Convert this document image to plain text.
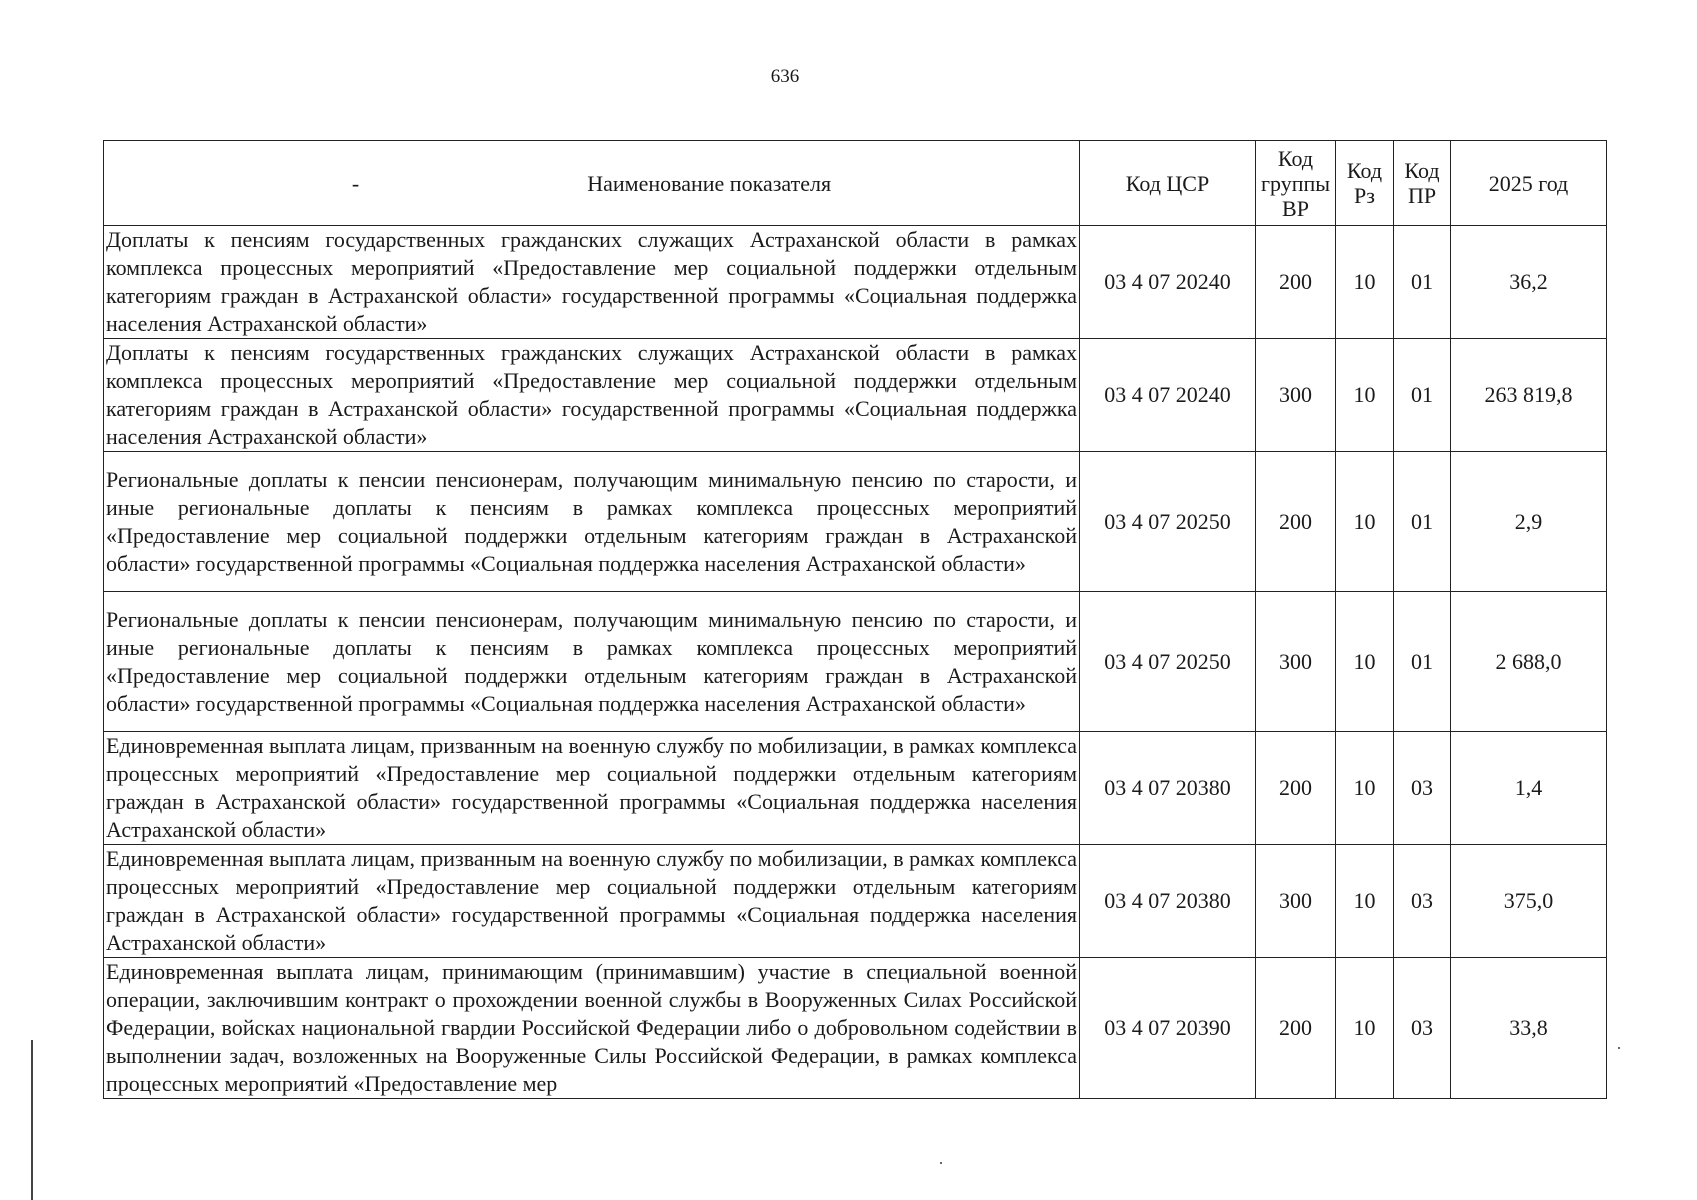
636
- Наименование показателя	Код ЦСР	Код группы ВР	Код Рз	Код ПР	2025 год
Доплаты к пенсиям государственных гражданских служащих Астраханской области в рамках комплекса процессных мероприятий «Предоставление мер социальной поддержки отдельным категориям граждан в Астраханской области» государственной программы «Социальная поддержка населения Астраханской области»	03 4 07 20240	200	10	01	36,2
Доплаты к пенсиям государственных гражданских служащих Астраханской области в рамках комплекса процессных мероприятий «Предоставление мер социальной поддержки отдельным категориям граждан в Астраханской области» государственной программы «Социальная поддержка населения Астраханской области»	03 4 07 20240	300	10	01	263 819,8
Региональные доплаты к пенсии пенсионерам, получающим минимальную пенсию по старости, и иные региональные доплаты к пенсиям в рамках комплекса процессных мероприятий «Предоставление мер социальной поддержки отдельным категориям граждан в Астраханской области» государственной программы «Социальная поддержка населения Астраханской области»	03 4 07 20250	200	10	01	2,9
Региональные доплаты к пенсии пенсионерам, получающим минимальную пенсию по старости, и иные региональные доплаты к пенсиям в рамках комплекса процессных мероприятий «Предоставление мер социальной поддержки отдельным категориям граждан в Астраханской области» государственной программы «Социальная поддержка населения Астраханской области»	03 4 07 20250	300	10	01	2 688,0
Единовременная выплата лицам, призванным на военную службу по мобилизации, в рамках комплекса процессных мероприятий «Предоставление мер социальной поддержки отдельным категориям граждан в Астраханской области» государственной программы «Социальная поддержка населения Астраханской области»	03 4 07 20380	200	10	03	1,4
Единовременная выплата лицам, призванным на военную службу по мобилизации, в рамках комплекса процессных мероприятий «Предоставление мер социальной поддержки отдельным категориям граждан в Астраханской области» государственной программы «Социальная поддержка населения Астраханской области»	03 4 07 20380	300	10	03	375,0
Единовременная выплата лицам, принимающим (принимавшим) участие в специальной военной операции, заключившим контракт о прохождении военной службы в Вооруженных Силах Российской Федерации, войсках национальной гвардии Российской Федерации либо о добровольном содействии в выполнении задач, возложенных на Вооруженные Силы Российской Федерации, в рамках комплекса процессных мероприятий «Предоставление мер	03 4 07 20390	200	10	03	33,8
